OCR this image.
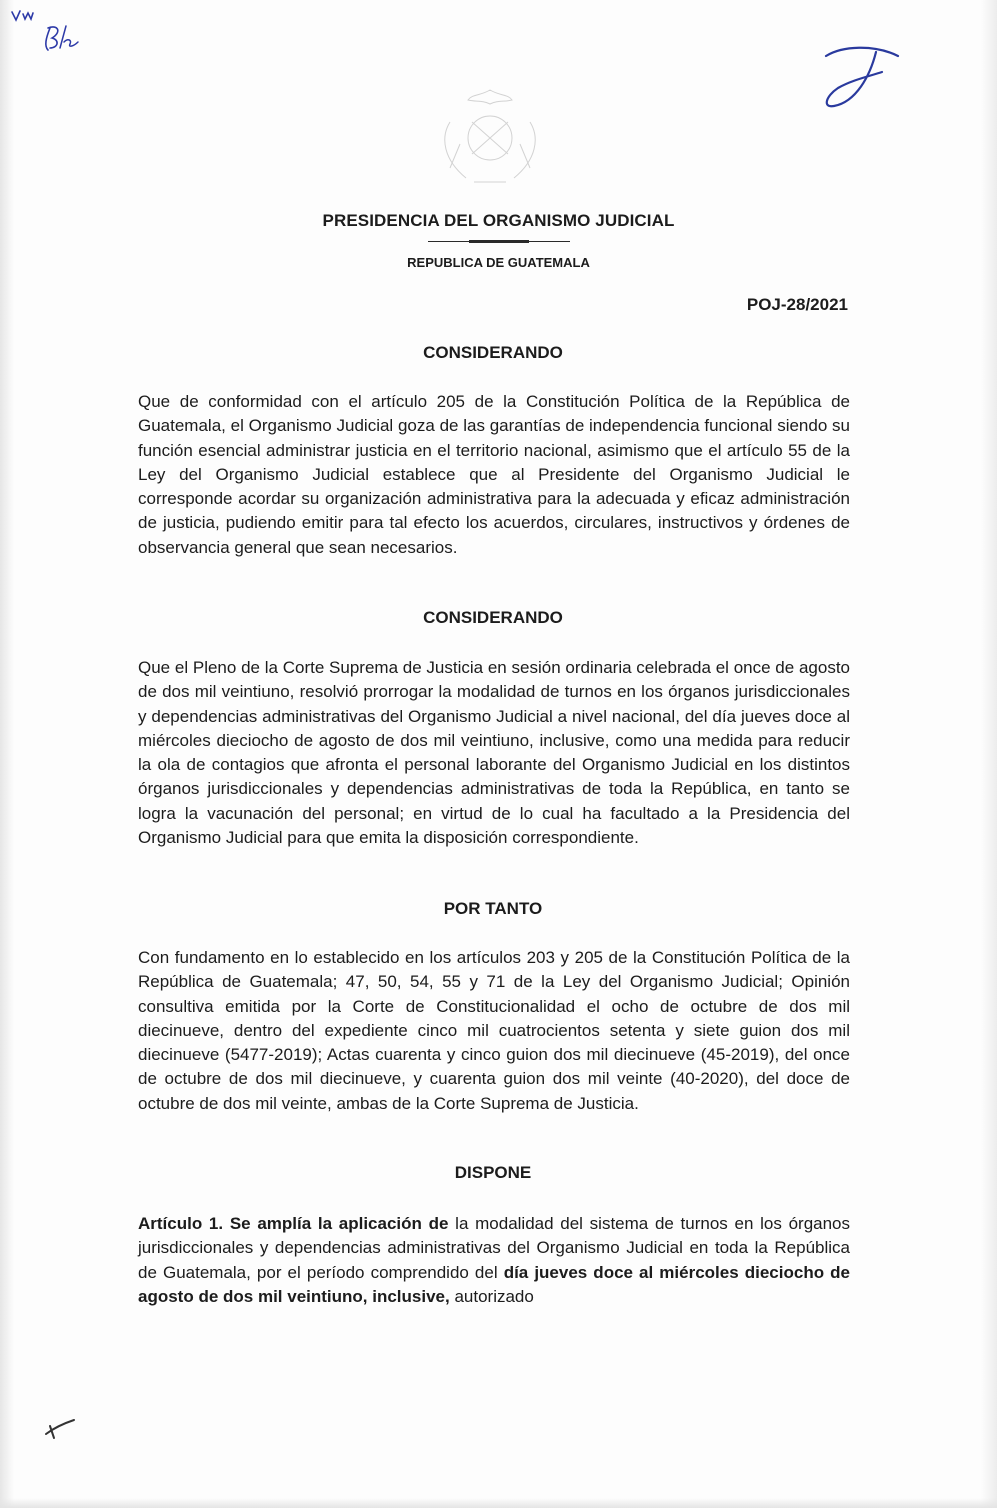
PRESIDENCIA DEL ORGANISMO JUDICIAL
REPUBLICA DE GUATEMALA
POJ-28/2021
CONSIDERANDO

Que de conformidad con el artículo 205 de la Constitución Política de la República de Guatemala, el Organismo Judicial goza de las garantías de independencia funcional siendo su función esencial administrar justicia en el territorio nacional, asimismo que el artículo 55 de la Ley del Organismo Judicial establece que al Presidente del Organismo Judicial le corresponde acordar su organización administrativa para la adecuada y eficaz administración de justicia, pudiendo emitir para tal efecto los acuerdos, circulares, instructivos y órdenes de observancia general que sean necesarios.

CONSIDERANDO

Que el Pleno de la Corte Suprema de Justicia en sesión ordinaria celebrada el once de agosto de dos mil veintiuno, resolvió prorrogar la modalidad de turnos en los órganos jurisdiccionales y dependencias administrativas del Organismo Judicial a nivel nacional, del día jueves doce al miércoles dieciocho de agosto de dos mil veintiuno, inclusive, como una medida para reducir la ola de contagios que afronta el personal laborante del Organismo Judicial en los distintos órganos jurisdiccionales y dependencias administrativas de toda la República, en tanto se logra la vacunación del personal; en virtud de lo cual ha facultado a la Presidencia del Organismo Judicial para que emita la disposición correspondiente.

POR TANTO

Con fundamento en lo establecido en los artículos 203 y 205 de la Constitución Política de la República de Guatemala; 47, 50, 54, 55 y 71 de la Ley del Organismo Judicial; Opinión consultiva emitida por la Corte de Constitucionalidad el ocho de octubre de dos mil diecinueve, dentro del expediente cinco mil cuatrocientos setenta y siete guion dos mil diecinueve (5477-2019); Actas cuarenta y cinco guion dos mil diecinueve (45-2019), del once de octubre de dos mil diecinueve, y cuarenta guion dos mil veinte (40-2020), del doce de octubre de dos mil veinte, ambas de la Corte Suprema de Justicia.

DISPONE

Artículo 1. Se amplía la aplicación de la modalidad del sistema de turnos en los órganos jurisdiccionales y dependencias administrativas del Organismo Judicial en toda la República de Guatemala, por el período comprendido del día jueves doce al miércoles dieciocho de agosto de dos mil veintiuno, inclusive, autorizado
